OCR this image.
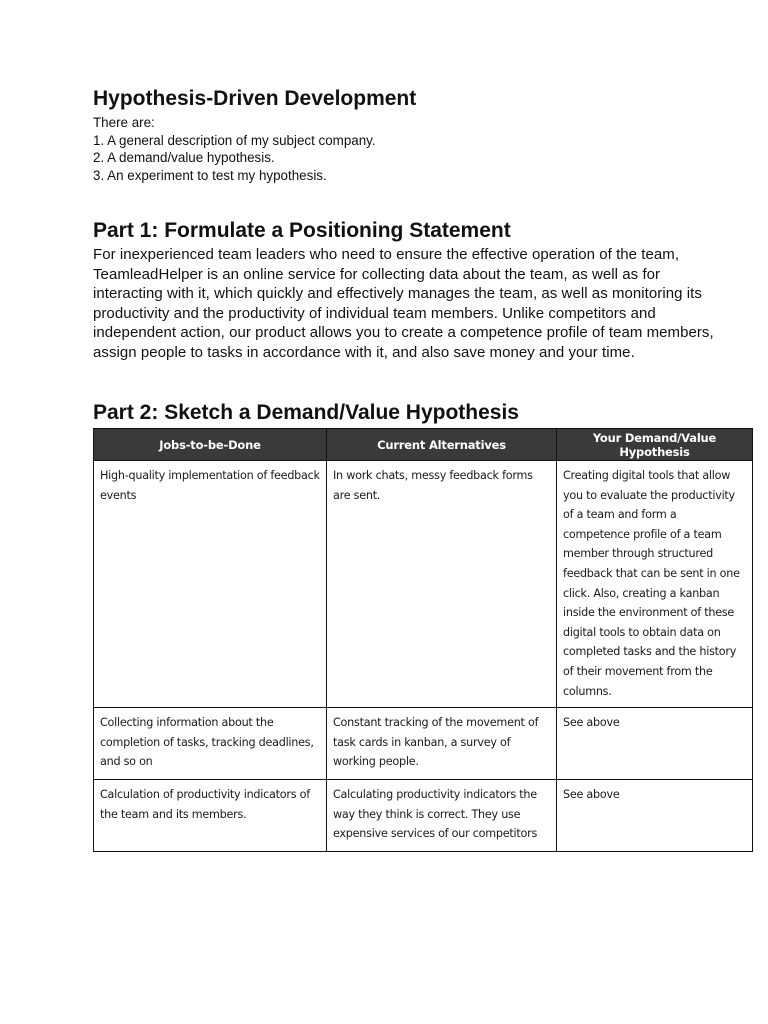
Hypothesis-Driven Development
There are:
1. A general description of my subject company.
2. A demand/value hypothesis.
3. An experiment to test my hypothesis.
Part 1: Formulate a Positioning Statement

For inexperienced team leaders who need to ensure the effective operation of the team, TeamleadHelper is an online service for collecting data about the team, as well as for interacting with it, which quickly and effectively manages the team, as well as monitoring its productivity and the productivity of individual team members. Unlike competitors and independent action, our product allows you to create a competence profile of team members, assign people to tasks in accordance with it, and also save money and your time.

Part 2: Sketch a Demand/Value Hypothesis
Jobs-to-be-Done	Current Alternatives	Your Demand/Value Hypothesis
High-quality implementation of feedback events	In work chats, messy feedback forms are sent.	Creating digital tools that allow you to evaluate the productivity of a team and form a competence profile of a team member through structured feedback that can be sent in one click. Also, creating a kanban inside the environment of these digital tools to obtain data on completed tasks and the history of their movement from the columns.
Collecting information about the completion of tasks, tracking deadlines, and so on	Constant tracking of the movement of task cards in kanban, a survey of working people.	See above
Calculation of productivity indicators of the team and its members.	Calculating productivity indicators the way they think is correct. They use expensive services of our competitors	See above
